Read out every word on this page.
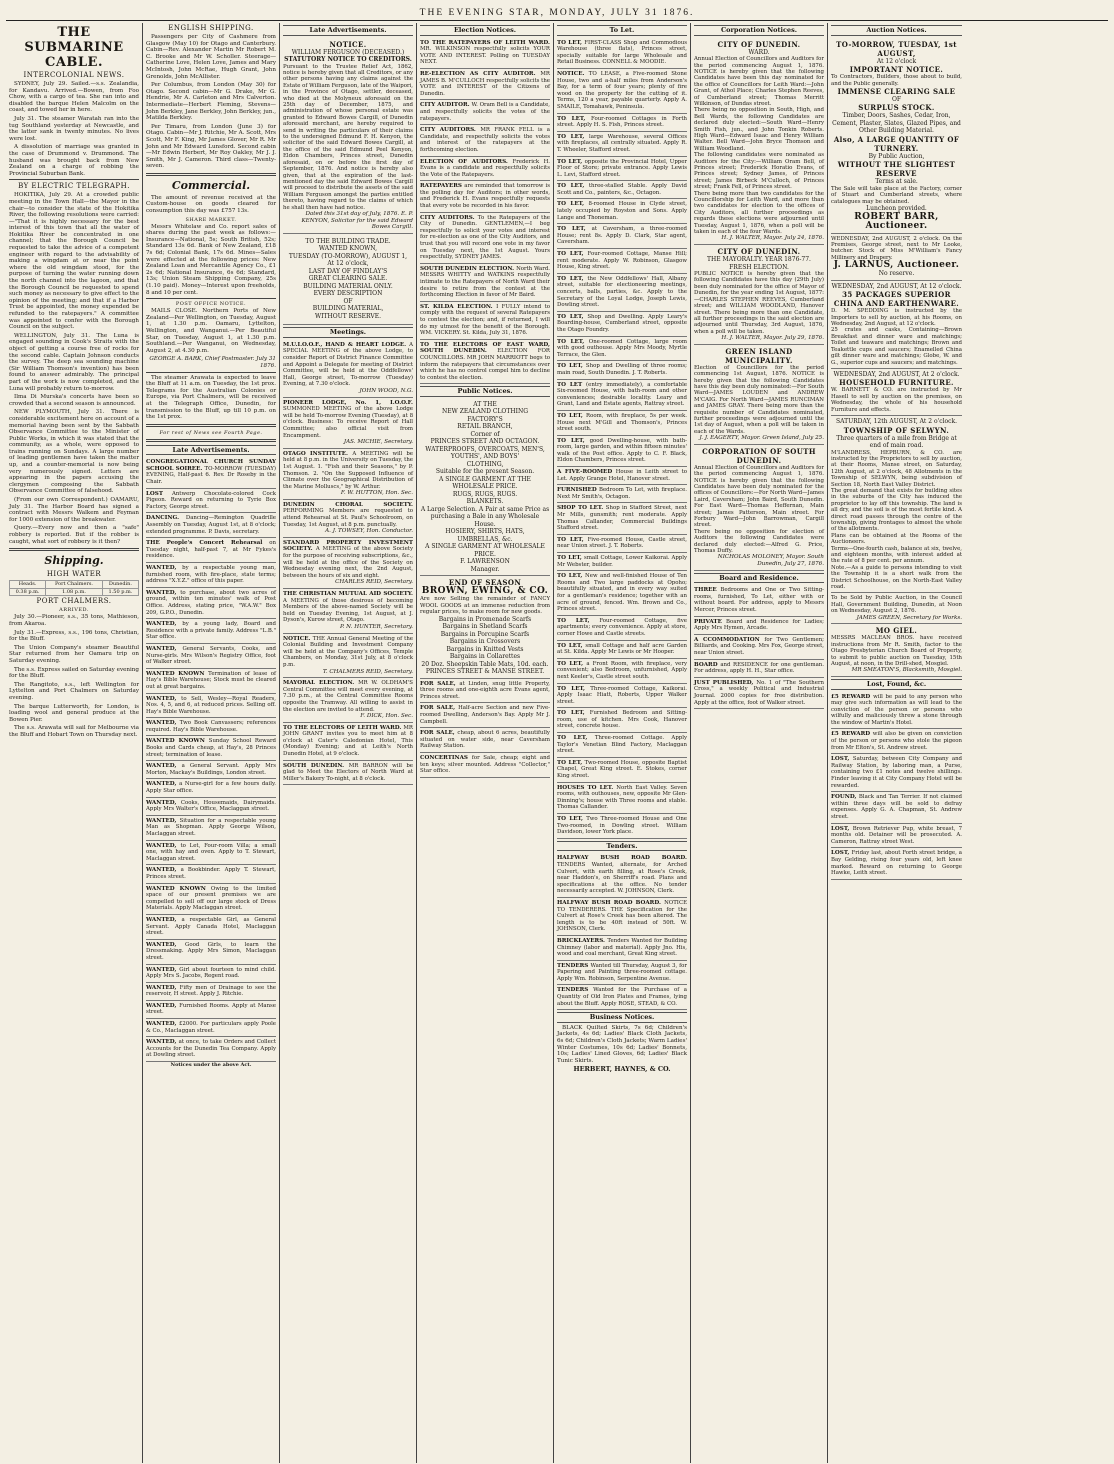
THE EVENING STAR, MONDAY, JULY 31 1876.
THE SUBMARINE CABLE.
INTERCOLONIAL NEWS.

SYDNEY, July 29. Sailed.—s.s. Zealandia, for Kandavu. Arrived.—Bowen, from Foo Chow, with a cargo of tea. She ran into and disabled the barque Helen Malcolm on the coast, and towed her in here.

July 31. The steamer Waratah ran into the tug Southland yesterday at Newcastle, and the latter sank in twenty minutes. No lives were lost.

A dissolution of marriage was granted in the case of Drummond v. Drummond. The husband was brought back from New Zealand on a charge of robbing the Provincial Suburban Bank.

BY ELECTRIC TELEGRAPH.

HOKITIKA, July 29. At a crowded public meeting in the Town Hall—the Mayor in the chair—to consider the state of the Hokitika River, the following resolutions were carried:—"That it is highly necessary for the best interest of this town that all the water of Hokitika River be concentrated in one channel; that the Borough Council be requested to take the advice of a competent engineer with regard to the advisability of making a wingdam at or near the point where the old wingdam stood, for the purpose of turning the water running down the north channel into the lagoon, and that the Borough Council be requested to spend such money as necessary to give effect to the opinion of the meeting; and that if a Harbor Trust be appointed, the money expended be refunded to the ratepayers." A committee was appointed to confer with the Borough Council on the subject.

WELLINGTON, July 31. The Luna is engaged sounding in Cook's Straits with the object of getting a course free of rocks for the second cable. Captain Johnson conducts the survey. The deep sea sounding machine (Sir William Thomson's invention) has been found to answer admirably. The principal part of the work is now completed, and the Luna will probably return to-morrow.

Ilma Di Murska's concerts have been so crowded that a second season is announced.

NEW PLYMOUTH, July 31. There is considerable excitement here on account of a memorial having been sent by the Sabbath Observance Committee to the Minister of Public Works, in which it was stated that the community, as a whole, were opposed to trains running on Sundays. A large number of leading gentlemen have taken the matter up, and a counter-memorial is now being very numerously signed. Letters are appearing in the papers accusing the clergymen composing the Sabbath Observance Committee of falsehood.

(From our own Correspondent.) OAMARU, July 31. The Harbor Board has signed a contract with Messrs Walkem and Feyman for 1000 extension of the breakwater.

Query.—Every now and then a "safe" robbery is reported. But if the robber is caught, what sort of robbery is it then?

Shipping.
HIGH WATER
Heads.	Port Chalmers.	Dunedin.
0.38 p.m.	1.08 p.m.	1.50 p.m.
PORT CHALMERS.
ARRIVED.

July 30.—Pioneer, s.s., 35 tons, Mathieson, from Akaroa.

July 31.—Express, s.s., 196 tons, Christian, for the Bluff.

The Union Company's steamer Beautiful Star returned from her Oamaru trip on Saturday evening.

The s.s. Express sailed on Saturday evening for the Bluff.

The Rangitoto, s.s., left Wellington for Lyttelton and Port Chalmers on Saturday evening.

The barque Lutterworth, for London, is loading wool and general produce at the Bowen Pier.

The s.s. Arawata will sail for Melbourne via the Bluff and Hobart Town on Thursday next.

ENGLISH SHIPPING.

Passengers per City of Cashmere from Glasgow (May 10) for Otago and Canterbury. Cabin—Rev. Alexander Martin Mr Robert M. C. Brooke and Mr W. Scholler. Steerage—Catherine Love, Helen Love, James and Mary McIntosh, John McRae, Hugh Grant, John Grenolds, John McAllister.

Per Columbus, from London (May 30) for Otago. Second cabin—Mr G. Drake, Mr G. Hendrie, Mr A. Carleton and Mrs Calverton. Intermediate—Herbert Fleming, Stevens—John Berkley, Jane Berkley, John Berkley, jun., Matilda Berkley.

Per Timaru, from London (June 3) for Otago. Cabin—Mr J. Ritchie, Mr A. Scott, Mrs Scott, Mr F. King, Mr James Glover, Mr R. Mr John and Mr Edward Lunsford. Second cabin—Mr Edwin Herbert, Mr Roy Oakley, Mr J. J. Smith, Mr J. Cameron. Third class—Twenty-seven.

Commercial.

The amount of revenue received at the Custom-house on goods cleared for consumption this day was £757 13s.

SHARE MARKET.

Messrs Whitelaw and Co. report sales of shares during the past week as follows:—Insurance—National, 5s; South British, 52s; Standard 13s 6d. Bank of New Zealand, £18 7s 6d; Colonial Bank, 17s 6d. Mines—Sales were effected at the following prices: New Zealand Loan and Mercantile Agency Co., £1 2s 6d; National Insurance, 6s 6d; Standard, 13s; Union Steam Shipping Company, 25s (1.10 paid). Money—Interest upon freeholds, 8 and 10 per cent.

POST OFFICE NOTICE.

MAILS CLOSE. Northern Ports of New Zealand—Per Wellington, on Tuesday, August 1, at 1.30 p.m. Oamaru, Lyttelton, Wellington, and Wanganui.—Per Beautiful Star, on Tuesday, August 1, at 1.30 p.m. Southland.—Per Wanganui, on Wednesday, August 2, at 4.30 p.m.

GEORGE A. BARK, Chief Postmaster. July 31 1876.

The steamer Arawata is expected to leave the Bluff at 11 a.m. on Tuesday, the 1st prox. Telegrams for the Australian Colonies or Europe, via Port Chalmers, will be received at the Telegraph Office, Dunedin, for transmission to the Bluff, up till 10 p.m. on the 1st prox.

For rest of News see Fourth Page.
Late Advertisements.
CONGREGATIONAL CHURCH SUNDAY SCHOOL SOIREE. TO-MORROW (TUESDAY) EVENING, Half-past 6. Rev. Dr Roseby in the Chair.
LOST Antwerp Chocolate-colored Cock Pigeon. Reward on returning to Tyrie Box Factory, George street.
DANCING. Dancing—Remington Quadrille Assembly on Tuesday, August 1st, at 8 o'clock; extended programme. P. Davis, secretary.
THE People's Concert Rehearsal on Tuesday night, half-past 7, at Mr Fykes's residence.
WANTED, by a respectable young man, furnished room, with fire-place, state terms; address "X.Y.Z." office of this paper.
WANTED, to purchase, about two acres of ground, within ten minutes' walk of Post Office. Address, stating price, "W.A.W." Box 209, G.P.O., Dunedin.
WANTED, by a young lady, Board and Residence with a private family. Address "L.B." Star office.
WANTED, General Servants, Cooks, and Nurse-girls. Mrs Wilson's Registry Office, foot of Walker street.
WANTED KNOWN Termination of lease of Hay's Bible Warehouse; Stock must be cleared out at great bargains.
WANTED, to Sell, Wesley—Royal Readers, Nos. 4, 5, and 6, at reduced prices. Selling off. Hay's Bible Warehouse.
WANTED, Two Book Canvassers; references required. Hay's Bible Warehouse.
WANTED KNOWN Sunday School Reward Books and Cards cheap, at Hay's, 28 Princes street; termination of lease.
WANTED, a General Servant. Apply Mrs Morton, Mackay's Buildings, London street.
WANTED, a Nurse-girl for a few hours daily. Apply Star office.
WANTED, Cooks, Housemaids, Dairymaids. Apply Mrs Walter's Office, Maclaggan street.
WANTED, Situation for a respectable young Man as Shopman. Apply George Wilson, Maclaggan street.
WANTED, to Let, Four-room Villa; a small one, with hay and oven. Apply to T. Stewart, Maclaggan street.
WANTED, a Bookbinder. Apply T. Stewart, Princes street.
WANTED KNOWN Owing to the limited space of our present premises we are compelled to sell off our large stock of Dress Materials. Apply Maclaggan street.
WANTED, a respectable Girl, as General Servant. Apply Canada Hotel, Maclaggan street.
WANTED, Good Girls, to learn the Dressmaking. Apply Mrs Simon, Maclaggan street.
WANTED, Girl about fourteen to mind child. Apply Mrs S. Jacobs, Regent road.
WANTED, Fifty men of Drainage to see the reservoir, H street. Apply J. Ritchie.
WANTED, Furnished Rooms. Apply at Manse street.
WANTED, £2000. For particulars apply Poole & Co., Maclaggan street.
WANTED, at once, to take Orders and Collect Accounts for the Dunedin Tea Company. Apply at Dowling street.
Notices under the above Act.
Late Advertisements.
NOTICE.
WILLIAM FERGUSON (DECEASED.)
STATUTORY NOTICE TO CREDITORS.
Pursuant to the Trustee Relief Act, 1862, notice is hereby given that all Creditors, or any other persons having any claims against the Estate of William Ferguson, late of the Waipori, in the Province of Otago, settler, deceased, who died at the Molyneux aforesaid on the 25th day of December, 1875, and administration of whose personal estate was granted to Edward Bowes Cargill, of Dunedin aforesaid merchant, are hereby required to send in writing the particulars of their claims to the undersigned Edmund F. H. Kenyon, the solicitor of the said Edward Bowes Cargill, at the office of the said Edmund Peel Kenyon, Eldon Chambers, Princes street, Dunedin aforesaid, on or before the first day of September, 1876. And notice is hereby also given, that at the expiration of the last-mentioned day the said Edward Bowes Cargill will proceed to distribute the assets of the said William Ferguson amongst the parties entitled thereto, having regard to the claims of which he shall then have had notice.
Dated this 31st day of July, 1876. E. P. KENYON, Solicitor for the said Edward Bowes Cargill.
TO THE BUILDING TRADE.
WANTED KNOWN,
TUESDAY (TO-MORROW), AUGUST 1,
At 12 o'clock,
LAST DAY OF FINDLAY'S
GREAT CLEARING SALE.
BUILDING MATERIAL ONLY.
EVERY DESCRIPTION
OF
BUILDING MATERIAL,
WITHOUT RESERVE.
Meetings.
M.U.I.O.O.F., HAND & HEART LODGE. A SPECIAL MEETING of the above Lodge, to consider Report of District Finance Committee and Appoint a Delegate for meeting of District Committee, will be held at the Oddfellows' Hall, George street, To-morrow (Tuesday) Evening, at 7.30 o'clock.
JOHN WOOD, N.G.
PIONEER LODGE, No. 1, I.O.O.F. SUMMONED MEETING of the above Lodge will be held To-morrow Evening (Tuesday), at 8 o'clock. Business: To receive Report of Hall Committee; also official visit from Encampment.
JAS. MICHIE, Secretary.
OTAGO INSTITUTE. A MEETING will be held at 8 p.m. in the University on Tuesday, the 1st August. 1. "Fish and their Seasons," by P. Thomson. 2. "On the Supposed Influence of Climate over the Geographical Distribution of the Marine Molluscs," by W. Arthur.
F. W. HUTTON, Hon. Sec.
DUNEDIN CHORAL SOCIETY. PERFORMING Members are requested to attend Rehearsal at St. Paul's Schoolroom, on Tuesday, 1st August, at 8 p.m. punctually.
A. J. TOWSEY, Hon. Conductor.
STANDARD PROPERTY INVESTMENT SOCIETY. A MEETING of the above Society for the purpose of receiving subscriptions, &c., will be held at the office of the Society on Wednesday evening next, the 2nd August, between the hours of six and eight.
CHARLES REID, Secretary.
THE CHRISTIAN MUTUAL AID SOCIETY. A MEETING of those desirous of becoming Members of the above-named Society will be held on Tuesday Evening, 1st August, at J. Dyson's, Kurow street, Otago.
P. N. HUNTER, Secretary.
NOTICE. THE Annual General Meeting of the Colonial Building and Investment Company will be held at the Company's Offices, Temple Chambers, on Monday, 31st July, at 8 o'clock p.m.
T. CHALMERS REID, Secretary.
MAYORAL ELECTION. MR W. OLDHAM'S Central Committee will meet every evening, at 7.30 p.m., at the Central Committee Rooms opposite the Tramway. All willing to assist in the election are invited to attend.
F. DICK, Hon. Sec.
TO THE ELECTORS OF LEITH WARD. MR JOHN GRANT invites you to meet him at 8 o'clock at Cater's Caledonian Hotel, This (Monday) Evening; and at Leith's North Dunedin Hotel, at 9 o'clock.
SOUTH DUNEDIN. MR BARRON will be glad to Meet the Electors of North Ward at Miller's Bakery To-night, at 8 o'clock.
Election Notices.
TO THE RATEPAYERS OF LEITH WARD. MR. WILKINSON respectfully solicits YOUR VOTE AND INTEREST. Polling on TUESDAY NEXT.
RE-ELECTION AS CITY AUDITOR. MR JAMES B. M'CULLOCH respectfully solicits the VOTE and INTEREST of the Citizens of Dunedin.
CITY AUDITOR. W. Oram Bell is a Candidate, and respectfully solicits the votes of the ratepayers.
CITY AUDITORS. MR FRANK FELL is a Candidate, and respectfully solicits the votes and interest of the ratepayers at the forthcoming election.
ELECTION OF AUDITORS. Frederick H. Evans is a candidate and respectfully solicits the Vote of the Ratepayers.
RATEPAYERS are reminded that tomorrow is the polling day for Auditors; in other words, and Frederick H. Evans respectfully requests that every vote be recorded in his favor.
CITY AUDITORS. To the Ratepayers of the City of Dunedin. GENTLEMEN,—I beg respectfully to solicit your votes and interest for re-election as one of the City Auditors, and trust that you will record one vote in my favor on Tuesday next, the 1st August. Yours respectfully, SYDNEY JAMES.
SOUTH DUNEDIN ELECTION. North Ward. MESSRS WHITTY and WATKINS respectfully intimate to the Ratepayers of North Ward their desire to retire from the contest at the forthcoming Election in favor of Mr Baird.
ST. KILDA ELECTION. I FULLY intend to comply with the request of several Ratepayers to contest the election; and, if returned, I will do my utmost for the benefit of the Borough. WM. VICKERY. St. Kilda, July 31, 1876.
TO THE ELECTORS OF EAST WARD, SOUTH DUNEDIN. ELECTION FOR COUNCILLORS. MR JOHN MARRIOTT begs to inform the ratepayers that circumstances over which he has no control compel him to decline to contest the election.
Public Notices.
AT THE
NEW ZEALAND CLOTHING
FACTORY'S
RETAIL BRANCH,
Corner of
PRINCES STREET AND OCTAGON.
WATERPROOFS, OVERCOATS, MEN'S, YOUTHS', AND BOYS'
CLOTHING,
Suitable for the present Season.
A SINGLE GARMENT AT THE WHOLESALE PRICE.
RUGS, RUGS, RUGS.
BLANKETS.
A Large Selection. A Pair at same Price as purchasing a Bale in any Wholesale House.
HOSIERY, SHIRTS, HATS,
UMBRELLAS, &c.
A SINGLE GARMENT AT WHOLESALE PRICE.
F. LAWRENSON
Manager.
END OF SEASON
BROWN, EWING, & CO.
Are now Selling the remainder of FANCY WOOL GOODS at an immense reduction from regular prices, to make room for new goods.
Bargains in Promenade Scarfs
Bargains in Shetland Scarfs
Bargains in Porcupine Scarfs
Bargains in Crossovers
Bargains in Knitted Vests
Bargains in Collarettes
20 Doz. Sheepskin Table Mats, 10d. each.
PRINCES STREET & MANSE STREET.
FOR SALE, at Linden, snug little Property, three rooms and one-eighth acre Evans agent, Princes street.
FOR SALE, Half-acre Section and new Five-roomed Dwelling, Anderson's Bay. Apply Mr J. Campbell.
FOR SALE, cheap, about 6 acres, beautifully situated on water side, near Caversham Railway Station.
CONCERTINAS for Sale, cheap; eight and ten keys; silver mounted. Address "Collector," Star office.
To Let.
TO LET, FIRST-CLASS Shop and Commodious Warehouse (three flats), Princes street, specially suitable for large Wholesale and Retail Business. CONNELL & MOODIE.
NOTICE. TO LEASE, a Five-roomed Stone House, two and a-half miles from Anderson's Bay, for a term of four years; plenty of fire wood on the property for the cutting of it. Terms, 120 a year, payable quarterly. Apply A. SMAILE, Tomahawk, Peninsula.
TO LET, Four-roomed Cottages in Forth street. Apply H. S. Fish, Princes street.
TO LET, large Warehouse, several Offices with fireplaces, all centrally situated. Apply R. T. Wheeler, Stafford street.
TO LET, opposite the Provincial Hotel, Upper Floor of Store; private entrance. Apply Lewis L. Levi, Stafford street.
TO LET, three-stalled Stable. Apply David Scott and Co., painters, &c., Octagon.
TO LET, 8-roomed House in Clyde street, lately occupied by Royston and Sons. Apply Lange and Thoneman.
TO LET, at Caversham, a three-roomed House; rent 8s. Apply D. Clark, Star agent, Caversham.
TO LET, Four-roomed Cottage, Manse Hill; rent moderate. Apply W. Robinson, Glasgow House, King street.
TO LET, the New Oddfellows' Hall, Albany street, suitable for electioneering meetings, concerts, balls, parties, &c. Apply to the Secretary of the Loyal Lodge, Joseph Lewis, Dowling street.
TO LET, Shop and Dwelling. Apply Leary's Boarding-house, Cumberland street, opposite the Otago Foundry.
TO LET, One-roomed Cottage, large room with good outhouse. Apply Mrs Moody, Myrtle Terrace, the Glen.
TO LET, Shop and Dwelling of three rooms; main road, South Dunedin. J. T. Roberts.
TO LET (entry immediately), a comfortable Six-roomed House, with bath-room and other conveniences; desirable locality. Leary and Grant, Land and Estate agents, Rattray street.
TO LET, Room, with fireplace, 5s per week. House next M'Gill and Thomson's, Princes street south.
TO LET, good Dwelling-house, with bath-room, large garden, and within fifteen minutes' walk of the Post office. Apply to C. F. Black, Eldon Chambers, Princes street.
A FIVE-ROOMED House in Leith street to Let. Apply Grange Hotel, Hanover street.
FURNISHED Bedroom To Let, with fireplace. Next Mr Smith's, Octagon.
SHOP TO LET. Shop in Stafford Street, next Mr Mills, gunsmith; rent moderate. Apply Thomas Callander, Commercial Buildings Stafford street.
TO LET, Five-roomed House, Castle street, near Union street. J. T. Roberts.
TO LET, small Cottage, Lower Kaikorai. Apply Mr Webster, builder.
TO LET, New and well-finished House of Ten Rooms and Two large paddocks at Opoho; beautifully situated, and in every way suited for a gentleman's residence; together with an acre of ground, fenced. Wm. Brown and Co., Princes street.
TO LET, Four-roomed Cottage, five apartments; every convenience. Apply at store, corner Howe and Castle streets.
TO LET, small Cottage and half acre Garden at St. Kilda. Apply Mr Lewis or Mr Hooper.
TO LET, a Front Room, with fireplace, very convenient; also Bedroom, unfurnished, Apply next Keeler's, Castle street south.
TO LET, Three-roomed Cottage, Kaikorai. Apply Isaac Hiatt, Roberts, Upper Walker street.
TO LET, Furnished Bedroom and Sitting-room, use of kitchen. Mrs Cook, Hanover street, concrete house.
TO LET, Three-roomed Cottage. Apply Taylor's Venetian Blind Factory, Maclaggan street.
TO LET, Two-roomed House, opposite Baptist Chapel, Great King street. E. Stokes, corner King street.
HOUSES TO LET. North East Valley. Seven rooms, with outhouses, new, opposite Mr Glen-Dinning's; house with Three rooms and stable. Thomas Callander.
TO LET, Two Three-roomed House and One Two-roomed, in Dowling street. William Davidson, lower York place.
Tenders.
HALFWAY BUSH ROAD BOARD. TENDERS Wanted, alternate, for Arched Culvert, with earth filling, at Rose's Creek, near Haddon's, on Sherriff's road. Plans and specifications at the office. No tender necessarily accepted. W. JOHNSON, Clerk.
HALFWAY BUSH ROAD BOARD. NOTICE TO TENDERERS. THE Specification for the Culvert at Rose's Creek has been altered. The length is to be 40ft instead of 50ft. W. JOHNSON, Clerk.
BRICKLAYERS. Tenders Wanted for Building Chimney (labor and material). Apply Jno. His, wood and coal merchant, Great King street.
TENDERS Wanted till Thursday, August 3, for Papering and Painting three-roomed cottage. Apply Wm. Robinson, Serpentine Avenue.
TENDERS Wanted for the Purchase of a Quantity of Old Iron Plates and Frames, lying about the Bluff. Apply ROSE, STEAD, & CO.
Business Notices.

BLACK Quilted Skirts, 7s 6d; Children's Jackets, 4s 6d; Ladies' Black Cloth Jackets, 6s 6d; Children's Cloth Jackets; Warm Ladies' Winter Costumes, 10s 6d; Ladies' Bonnets, 10s; Ladies' Lined Gloves, 6d; Ladies' Black Tunic Skirts.

HERBERT, HAYNES, & CO.
Corporation Notices.
CITY OF DUNEDIN.
WARD.
Annual Election of Councillors and Auditors for the period commencing August 1, 1876. NOTICE is hereby given that the following Candidates have been this day nominated for the office of Councillors for Leith Ward:—John Grant, of Athol Place; Charles Stephen Reeves, of Cumberland street; Thomas Merritt Wilkinson, of Dundas street.
There being no opposition in South, High, and Bell Wards, the following Candidates are declared duly elected:—South Ward—Henry Smith Fish, jun., and John Tonkin Roberts. High Ward—Edward Isaac and Henry William Walter. Bell Ward—John Bryce Thomson and William Woodland.
The following candidates were nominated as Auditors for the City:—William Oram Bell, of Princes street; Frederick Horatio Evans, of Princes street; Sydney James, of Princes street; James Birbeck M'Culloch, of Princes street; Frank Fell, of Princes street.
There being more than two candidates for the Councillorship for Leith Ward, and more than two candidates for election to the offices of City Auditors, all further proceedings as regards these elections were adjourned until Tuesday, August 1, 1876, when a poll will be taken in each of the four Wards.
H. J. WALTER, Mayor. July 24, 1876.
CITY OF DUNEDIN.
THE MAYORALTY. YEAR 1876-77.
FRESH ELECTION.
PUBLIC NOTICE is hereby given that the following Candidates have this day (29th July) been duly nominated for the office of Mayor of Dunedin, for the year ending 1st August, 1877:—CHARLES STEPHEN REEVES, Cumberland street; and WILLIAM WOODLAND, Hanover street. There being more than one Candidate, all further proceedings in the said election are adjourned until Thursday, 3rd August, 1876, when a poll will be taken.
H. J. WALTER, Mayor. July 29, 1876.
GREEN ISLAND MUNICIPALITY.
Election of Councillors for the period commencing 1st August, 1876. NOTICE is hereby given that the following Candidates have this day been duly nominated:—For South Ward—JAMES LOUDEN and ANDREW M'CAIG. For North Ward—JAMES RUNCIMAN and JAMES GRAY. There being more than the requisite number of Candidates nominated, further proceedings were adjourned until the 1st day of August, when a poll will be taken in each of the Wards.
J. J. EAGERTY, Mayor. Green Island, July 25.
CORPORATION OF SOUTH DUNEDIN.
Annual Election of Councillors and Auditors for the period commencing August 1, 1876. NOTICE is hereby given that the following Candidates have been duly nominated for the offices of Councillors:—For North Ward—James Laird, Caversham; John Baird, South Dunedin. For East Ward—Thomas Heffernan, Main street; James Patterson, Main street. For Forbury Ward—John Barrowman, Cargill street.
There being no opposition for election of Auditors the following Candidates were declared duly elected:—Alfred G. Price, Thomas Duffy.
NICHOLAS MOLONEY, Mayor. South Dunedin, July 27, 1876.
Board and Residence.
THREE Bedrooms and One or Two Sitting-rooms, furnished, To Let, either with or without board. For address, apply to Messrs Mercer, Princes street.
PRIVATE Board and Residence for Ladies; Apply Mrs Hymen, Arcade.
A CCOMMODATION for Two Gentlemen; Billiards, and Cooking. Mrs Fox, George street, near Union street.
BOARD and RESIDENCE for one gentleman. For address, apply H. H., Star office.
JUST PUBLISHED, No. 1 of "The Southern Cross," a weekly Political and Industrial Journal. 2000 copies for free distribution. Apply at the office, foot of Walker street.
Auction Notices.
TO-MORROW, TUESDAY, 1st AUGUST,
At 12 o'clock
IMPORTANT NOTICE.
To Contractors, Builders, those about to build, and the Public generally.
IMMENSE CLEARING SALE
OF
SURPLUS STOCK.
Timber, Doors, Sashes, Cedar, Iron, Cement, Plaster, Slates, Glazed Pipes, and Other Building Material.
Also, A LARGE QUANTITY OF TURNERY.
By Public Auction,
WITHOUT THE SLIGHTEST RESERVE
Terms at sale.
The Sale will take place at the Factory, corner of Stuart and Cumberland streets, where catalogues may be obtained.
Luncheon provided.
ROBERT BARR, Auctioneer.
WEDNESDAY, 2nd AUGUST, 2 o'clock. On the Premises, George street, next to Mr Looke, butcher. Stock of Miss M'William's Fancy Millinery and Drapery.
J. LARNUS, Auctioneer.
No reserve.
WEDNESDAY, 2nd AUGUST, At 12 o'clock.
35 PACKAGES SUPERIOR CHINA AND EARTHENWARE.
D. M. SPEDDING is instructed by the Importers to sell by auction, at his Rooms, on Wednesday, 2nd August, at 12 o'clock.
25 crates and casks, Containing—Brown Breakfast and dinner ware and matchings; Toilet and teaware and matchings; Brown and Teakettle cups and saucers; Enamelled China gilt dinner ware and matchings; Globe, W. and G., superior cups and saucers; and matchings.
WEDNESDAY, 2nd AUGUST, At 2 o'clock.
HOUSEHOLD FURNITURE.
W. BARNETT & CO. are instructed by Mr Hasell to sell by auction on the premises, on Wednesday, the whole of his household Furniture and effects.
SATURDAY, 12th AUGUST, At 2 o'clock.
TOWNSHIP OF SELWYN.
Three quarters of a mile from Bridge at end of main road.
M'LANDRESS, HEPBURN, & CO. are instructed by the Proprietors to sell by auction, at their Rooms, Manse street, on Saturday, 12th August, at 2 o'clock, 48 Allotments in the Township of SELWYN, being subdivision of Section 18, North East Valley District.
The great demand that exists for building sites in the suburbs of the City has induced the proprietor to lay off this township. The land is all dry, and the soil is of the most fertile kind. A direct road passes through the centre of the township, giving frontages to almost the whole of the allotments.
Plans can be obtained at the Rooms of the Auctioneers.
Terms—One-fourth cash, balance at six, twelve, and eighteen months, with interest added at the rate of 8 per cent. per annum.
Note.—As a guide to persons intending to visit the Township it is a short walk from the District Schoolhouse, on the North-East Valley road.
To be Sold by Public Auction, in the Council Hall, Government Building, Dunedin, at Noon on Wednesday, August 2, 1876.
JAMES GREEN, Secretary for Works.
MO GIEL.
MESSRS MACLEAN BROS. have received instructions from Mr R. Smith, factor to the Otago Presbyterian Church Board of Property, to submit to public auction on Tuesday, 15th August, at noon, in the Drill-shed, Mosgiel.
MR SMEATON'S, Blacksmith, Mosgiel.
Lost, Found, &c.
£5 REWARD will be paid to any person who may give such information as will lead to the conviction of the person or persons who wilfully and maliciously threw a stone through the window of Martin's Hotel.
£5 REWARD will also be given on conviction of the person or persons who stole the pigeon from Mr Elton's, St. Andrew street.
LOST, Saturday, between City Company and Railway Station, by laboring man, a Purse, containing two £1 notes and twelve shillings. Finder leaving it at City Company Hotel will be rewarded.
FOUND, Black and Tan Terrier. If not claimed within three days will be sold to defray expenses. Apply G. A. Chapman, St. Andrew street.
LOST, Brown Retriever Pup, white breast, 7 months old. Detainer will be prosecuted. A. Cameron, Rattray street West.
LOST, Friday last, about Forth street bridge, a Bay Gelding, rising four years old, left knee marked. Reward on returning to George Hawke, Leith street.
